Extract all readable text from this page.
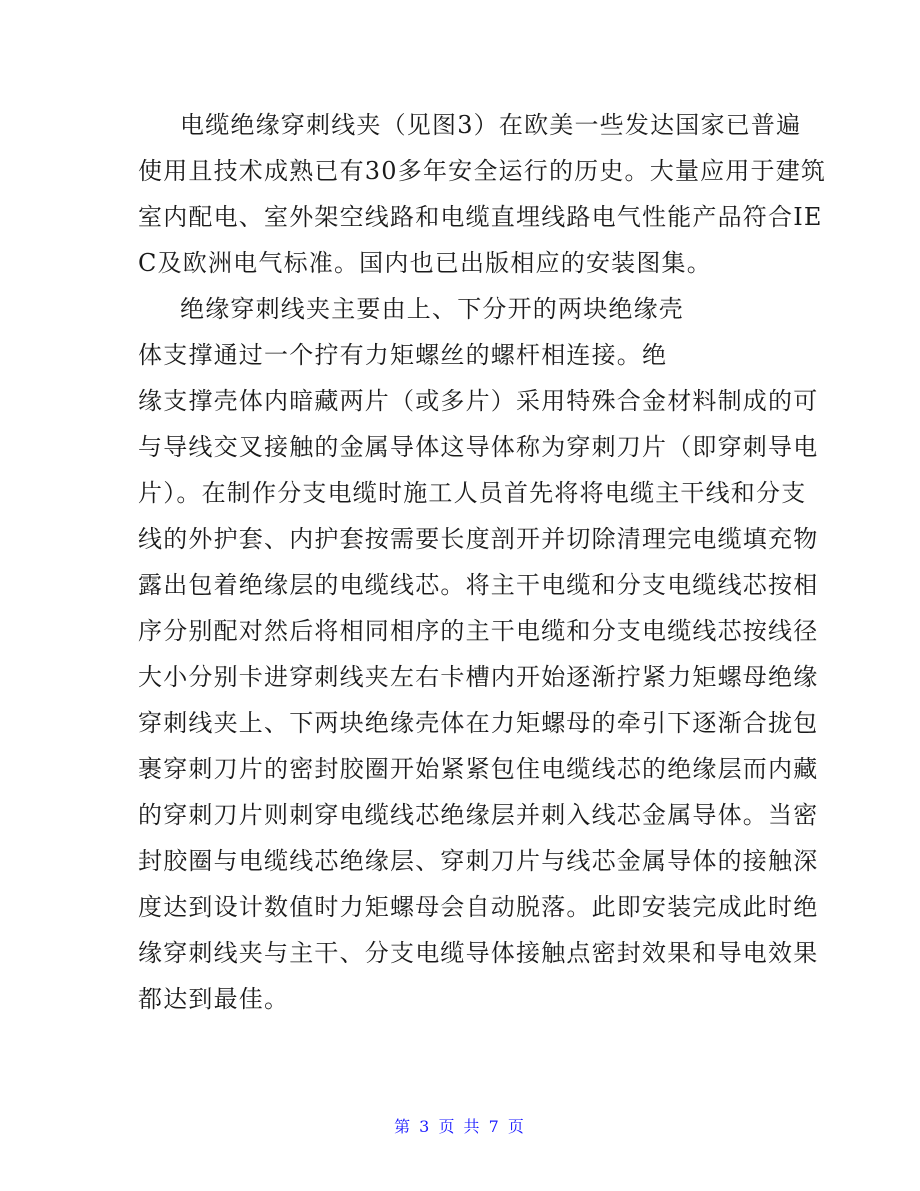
电缆绝缘穿刺线夹（见图3）在欧美一些发达国家已普遍
使用且技术成熟已有30多年安全运行的历史。大量应用于建筑
室内配电、室外架空线路和电缆直埋线路电气性能产品符合IE
C及欧洲电气标准。国内也已出版相应的安装图集。
绝缘穿刺线夹主要由上、下分开的两块绝缘壳
体支撑通过一个拧有力矩螺丝的螺杆相连接。绝
缘支撑壳体内暗藏两片（或多片）采用特殊合金材料制成的可
与导线交叉接触的金属导体这导体称为穿刺刀片（即穿刺导电
片）。在制作分支电缆时施工人员首先将将电缆主干线和分支
线的外护套、内护套按需要长度剖开并切除清理完电缆填充物
露出包着绝缘层的电缆线芯。将主干电缆和分支电缆线芯按相
序分别配对然后将相同相序的主干电缆和分支电缆线芯按线径
大小分别卡进穿刺线夹左右卡槽内开始逐渐拧紧力矩螺母绝缘
穿刺线夹上、下两块绝缘壳体在力矩螺母的牵引下逐渐合拢包
裹穿刺刀片的密封胶圈开始紧紧包住电缆线芯的绝缘层而内藏
的穿刺刀片则刺穿电缆线芯绝缘层并刺入线芯金属导体。当密
封胶圈与电缆线芯绝缘层、穿刺刀片与线芯金属导体的接触深
度达到设计数值时力矩螺母会自动脱落。此即安装完成此时绝
缘穿刺线夹与主干、分支电缆导体接触点密封效果和导电效果
都达到最佳。
第 3 页 共 7 页
